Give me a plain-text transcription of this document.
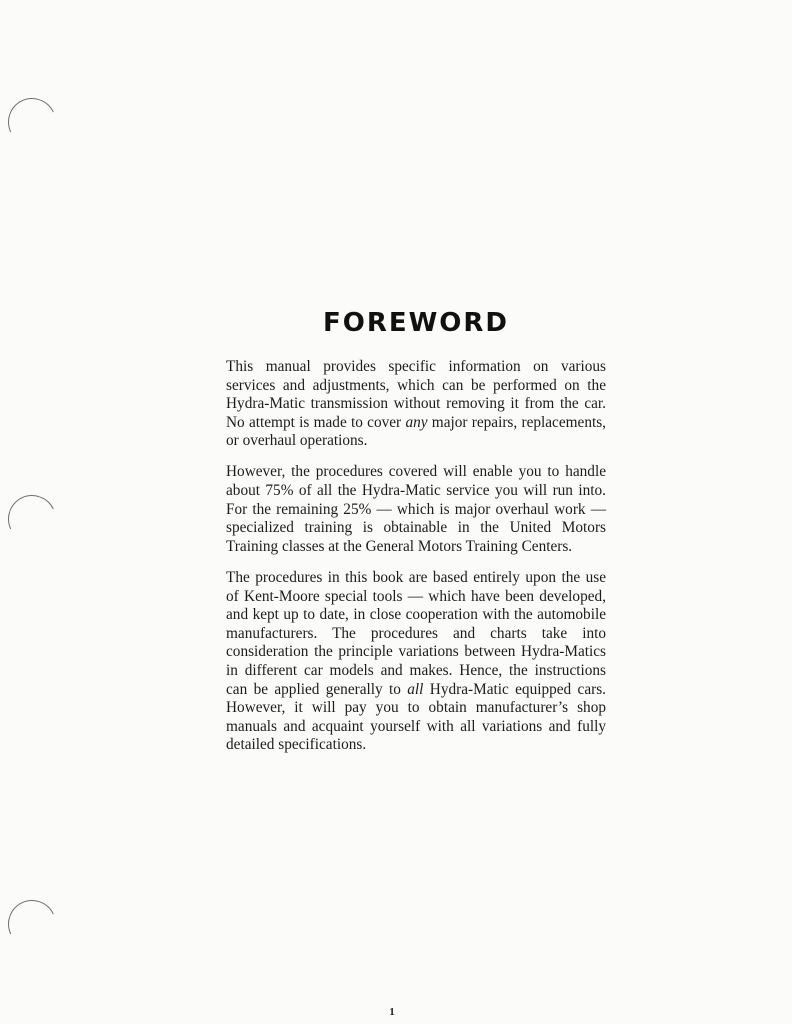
FOREWORD

This manual provides specific information on various services and adjustments, which can be performed on the Hydra-Matic transmission without removing it from the car. No attempt is made to cover any major repairs, replacements, or overhaul operations.

However, the procedures covered will enable you to handle about 75% of all the Hydra-Matic service you will run into. For the remaining 25% — which is major overhaul work — specialized training is obtainable in the United Motors Training classes at the General Motors Training Centers.

The procedures in this book are based entirely upon the use of Kent-Moore special tools — which have been developed, and kept up to date, in close cooperation with the automobile manufacturers. The procedures and charts take into consideration the principle variations between Hydra-Matics in different car models and makes. Hence, the instructions can be applied generally to all Hydra-Matic equipped cars. However, it will pay you to obtain manufacturer’s shop manuals and acquaint yourself with all variations and fully detailed specifications.

1
